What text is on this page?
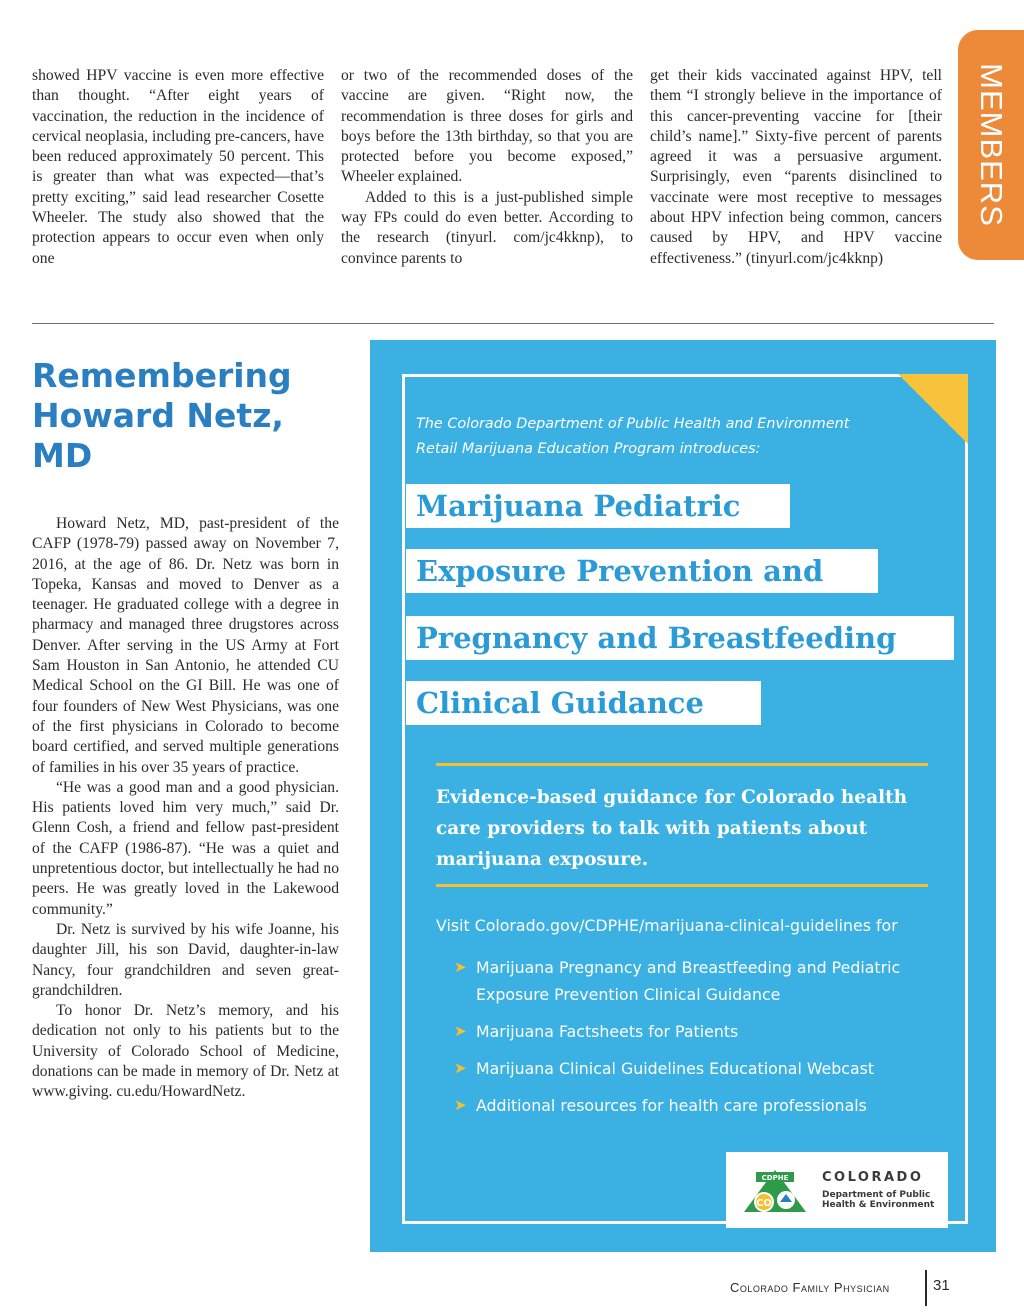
showed HPV vaccine is even more effective than thought. “After eight years of vaccination, the reduction in the incidence of cervical neoplasia, including pre-cancers, have been reduced approximately 50 percent. This is greater than what was expected—that’s pretty exciting,” said lead researcher Cosette Wheeler. The study also showed that the protection appears to occur even when only one

or two of the recommended doses of the vaccine are given. “Right now, the recommendation is three doses for girls and boys before the 13th birthday, so that you are protected before you become exposed,” Wheeler explained.

Added to this is a just-published simple way FPs could do even better. According to the research (tinyurl. com/jc4kknp), to convince parents to

get their kids vaccinated against HPV, tell them “I strongly believe in the importance of this cancer-preventing vaccine for [their child’s name].” Sixty-five percent of parents agreed it was a persuasive argument. Surprisingly, even “parents disinclined to vaccinate were most receptive to messages about HPV infection being common, cancers caused by HPV, and HPV vaccine effectiveness.” (tinyurl.com/jc4kknp)

MEMBERS
Remembering Howard Netz, MD

Howard Netz, MD, past-president of the CAFP (1978-79) passed away on November 7, 2016, at the age of 86. Dr. Netz was born in Topeka, Kansas and moved to Denver as a teenager. He graduated college with a degree in pharmacy and managed three drugstores across Denver. After serving in the US Army at Fort Sam Houston in San Antonio, he attended CU Medical School on the GI Bill. He was one of four founders of New West Physicians, was one of the first physicians in Colorado to become board certified, and served multiple generations of families in his over 35 years of practice.

“He was a good man and a good physician. His patients loved him very much,” said Dr. Glenn Cosh, a friend and fellow past-president of the CAFP (1986-87). “He was a quiet and unpretentious doctor, but intellectually he had no peers. He was greatly loved in the Lakewood community.”

Dr. Netz is survived by his wife Joanne, his daughter Jill, his son David, daughter-in-law Nancy, four grandchildren and seven great-grandchildren.

To honor Dr. Netz’s memory, and his dedication not only to his patients but to the University of Colorado School of Medicine, donations can be made in memory of Dr. Netz at www.giving. cu.edu/HowardNetz.

The Colorado Department of Public Health and Environment
Retail Marijuana Education Program introduces:
Marijuana Pediatric
Exposure Prevention and
Pregnancy and Breastfeeding
Clinical Guidance
Evidence-based guidance for Colorado health care providers to talk with patients about marijuana exposure.
Visit Colorado.gov/CDPHE/marijuana-clinical-guidelines for
➤ Marijuana Pregnancy and Breastfeeding and Pediatric Exposure Prevention Clinical Guidance
➤ Marijuana Factsheets for Patients
➤ Marijuana Clinical Guidelines Educational Webcast
➤ Additional resources for health care professionals
CDPHE
CO
COLORADO
Department of Public Health & Environment
Colorado Family Physician	31
